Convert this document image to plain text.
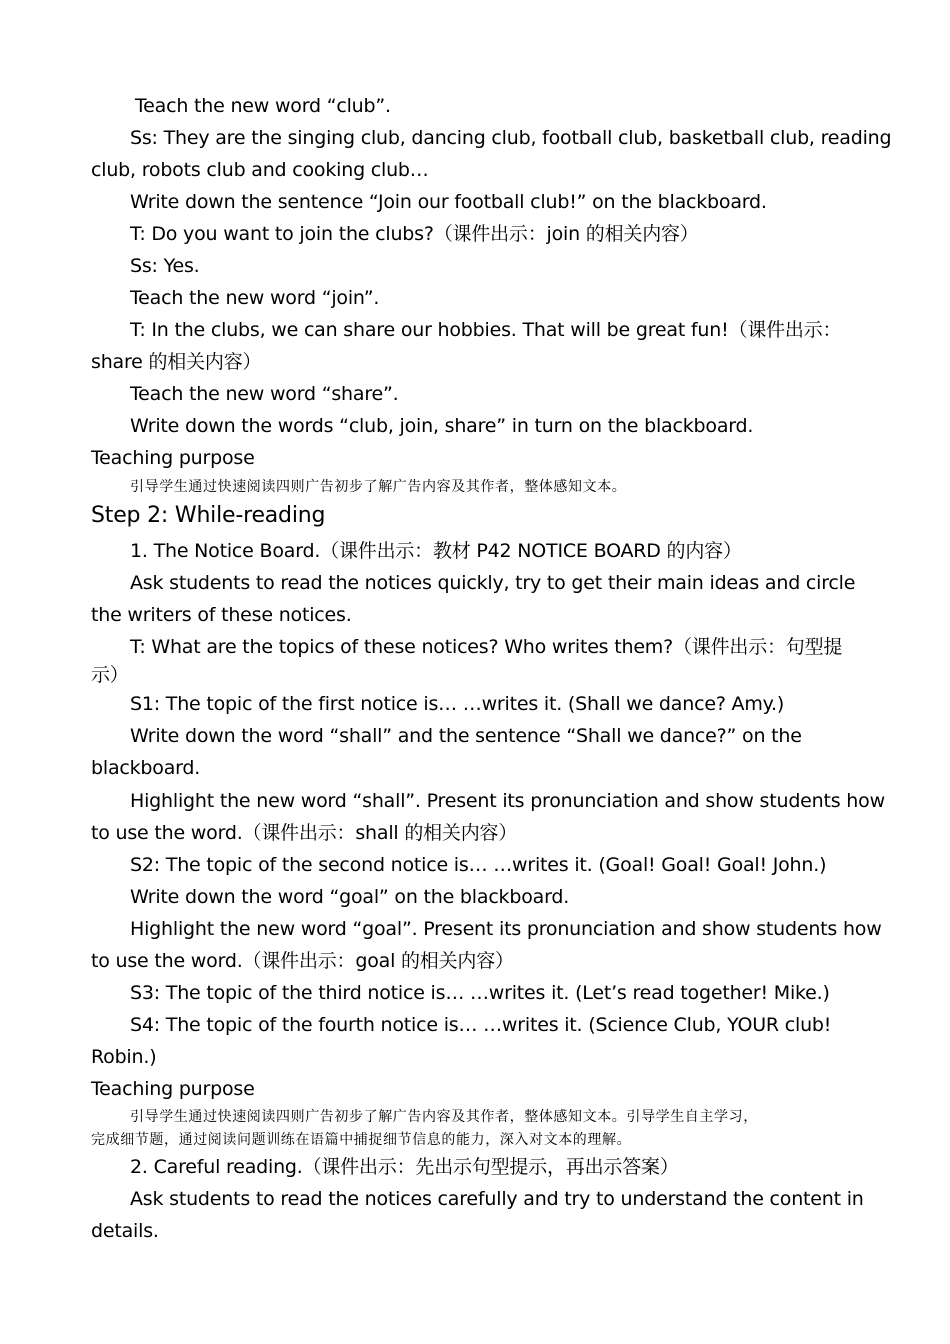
Teach the new word “club”.
Ss: They are the singing club, dancing club, football club, basketball club, reading
club, robots club and cooking club…
Write down the sentence “Join our football club!” on the blackboard.
T: Do you want to join the clubs?（课件出示：join 的相关内容）
Ss: Yes.
Teach the new word “join”.
T: In the clubs, we can share our hobbies. That will be great fun!（课件出示：
share 的相关内容）
Teach the new word “share”.
Write down the words “club, join, share” in turn on the blackboard.
Teaching purpose
引导学生通过快速阅读四则广告初步了解广告内容及其作者，整体感知文本。
Step 2: While-reading
1. The Notice Board.（课件出示：教材 P42 NOTICE BOARD 的内容）
Ask students to read the notices quickly, try to get their main ideas and circle
the writers of these notices.
T: What are the topics of these notices? Who writes them?（课件出示：句型提
示）
S1: The topic of the first notice is… …writes it. (Shall we dance? Amy.)
Write down the word “shall” and the sentence “Shall we dance?” on the
blackboard.
Highlight the new word “shall”. Present its pronunciation and show students how
to use the word.（课件出示：shall 的相关内容）
S2: The topic of the second notice is… …writes it. (Goal! Goal! Goal! John.)
Write down the word “goal” on the blackboard.
Highlight the new word “goal”. Present its pronunciation and show students how
to use the word.（课件出示：goal 的相关内容）
S3: The topic of the third notice is… …writes it. (Let’s read together! Mike.)
S4: The topic of the fourth notice is… …writes it. (Science Club, YOUR club!
Robin.)
Teaching purpose
引导学生通过快速阅读四则广告初步了解广告内容及其作者，整体感知文本。引导学生自主学习，
完成细节题，通过阅读问题训练在语篇中捕捉细节信息的能力，深入对文本的理解。
2. Careful reading.（课件出示：先出示句型提示，再出示答案）
Ask students to read the notices carefully and try to understand the content in
details.
